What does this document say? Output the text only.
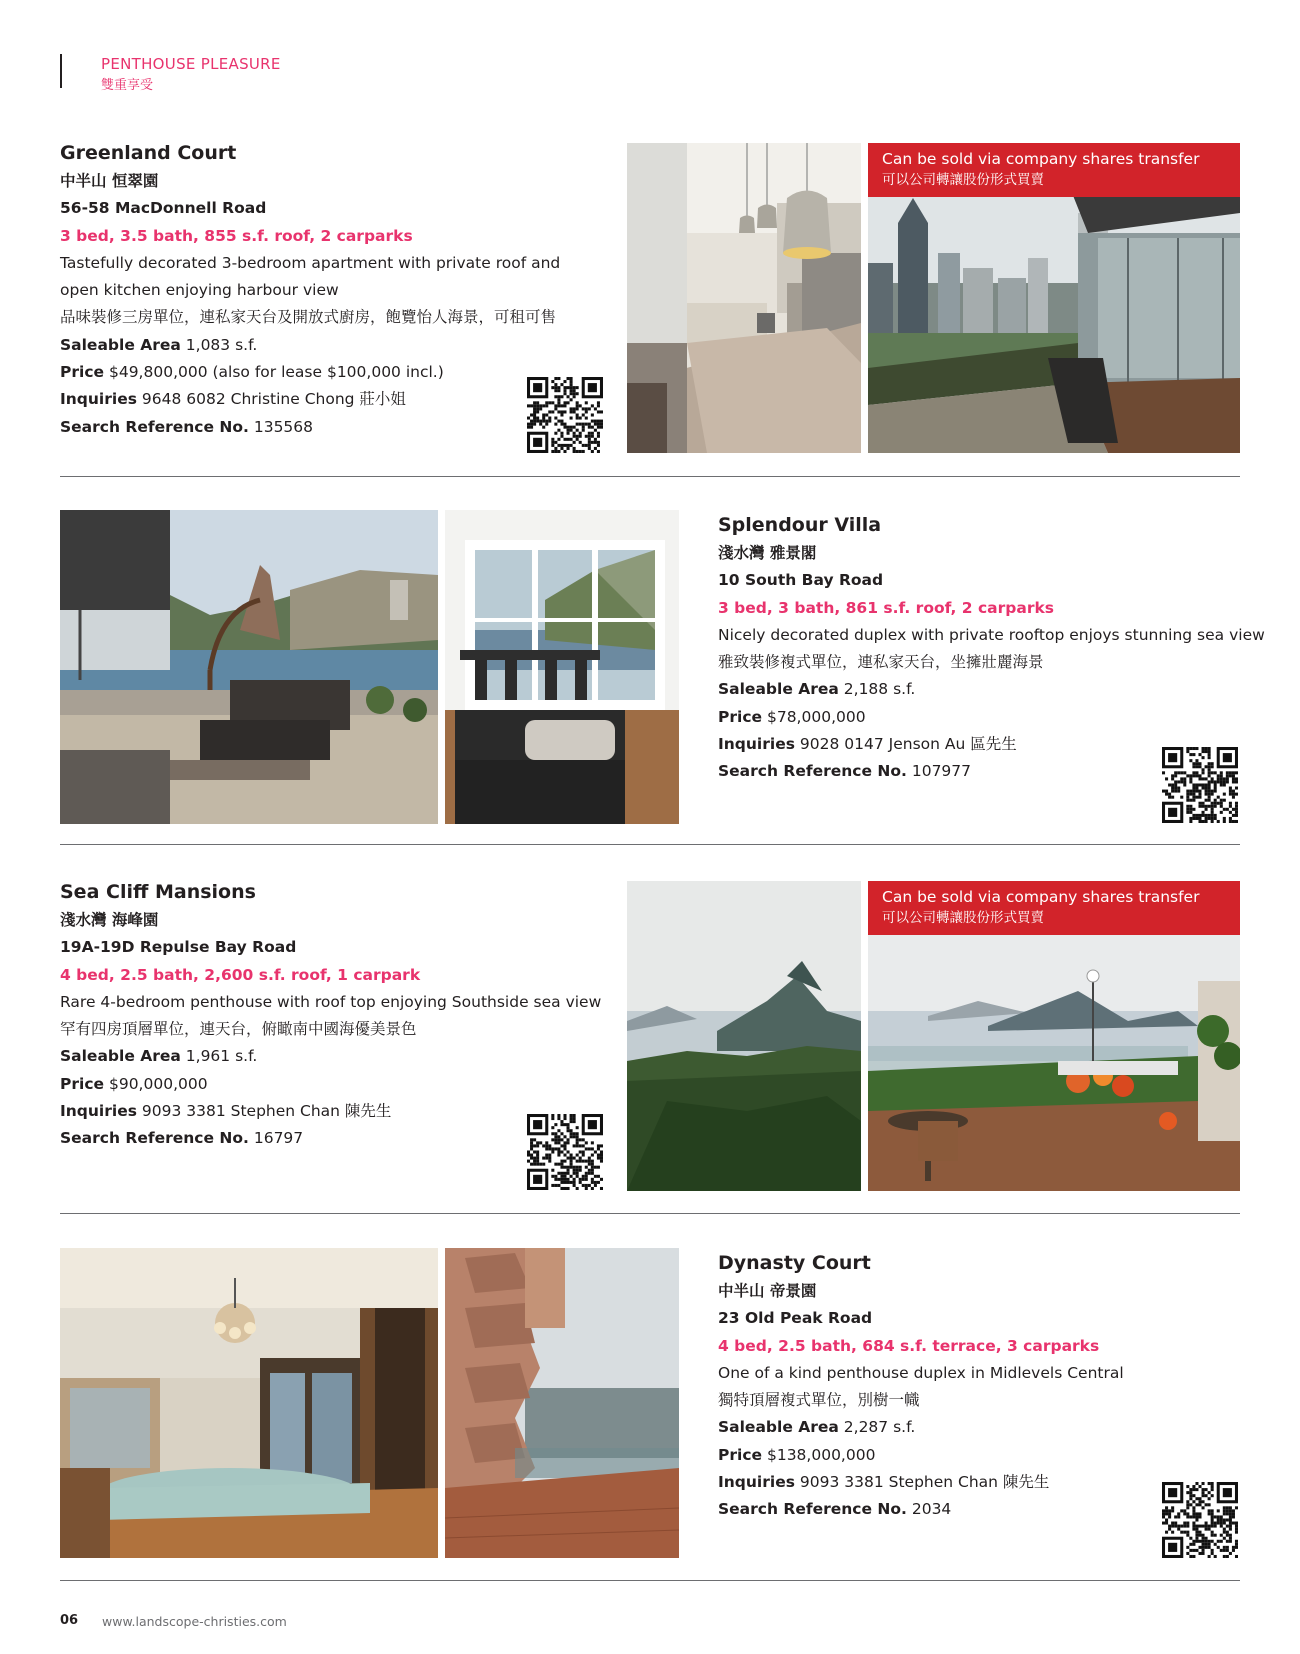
PENTHOUSE PLEASURE
雙重享受
Greenland Court
中半山 恒翠園
56-58 MacDonnell Road
3 bed, 3.5 bath, 855 s.f. roof, 2 carparks
Tastefully decorated 3-bedroom apartment with private roof and
open kitchen enjoying harbour view
品味裝修三房單位，連私家天台及開放式廚房，飽覽怡人海景，可租可售
Saleable Area 1,083 s.f.
Price $49,800,000 (also for lease $100,000 incl.)
Inquiries 9648 6082 Christine Chong 莊小姐
Search Reference No. 135568
Can be sold via company shares transfer
可以公司轉讓股份形式買賣
Splendour Villa
淺水灣 雅景閣
10 South Bay Road
3 bed, 3 bath, 861 s.f. roof, 2 carparks
Nicely decorated duplex with private rooftop enjoys stunning sea view
雅致裝修複式單位，連私家天台，坐擁壯麗海景
Saleable Area 2,188 s.f.
Price $78,000,000
Inquiries 9028 0147 Jenson Au 區先生
Search Reference No. 107977
Sea Cliff Mansions
淺水灣 海峰園
19A-19D Repulse Bay Road
4 bed, 2.5 bath, 2,600 s.f. roof, 1 carpark
Rare 4-bedroom penthouse with roof top enjoying Southside sea view
罕有四房頂層單位，連天台，俯瞰南中國海優美景色
Saleable Area 1,961 s.f.
Price $90,000,000
Inquiries 9093 3381 Stephen Chan 陳先生
Search Reference No. 16797
Can be sold via company shares transfer
可以公司轉讓股份形式買賣
Dynasty Court
中半山 帝景園
23 Old Peak Road
4 bed, 2.5 bath, 684 s.f. terrace, 3 carparks
One of a kind penthouse duplex in Midlevels Central
獨特頂層複式單位，別樹一幟
Saleable Area 2,287 s.f.
Price $138,000,000
Inquiries 9093 3381 Stephen Chan 陳先生
Search Reference No. 2034
06 www.landscope-christies.com
